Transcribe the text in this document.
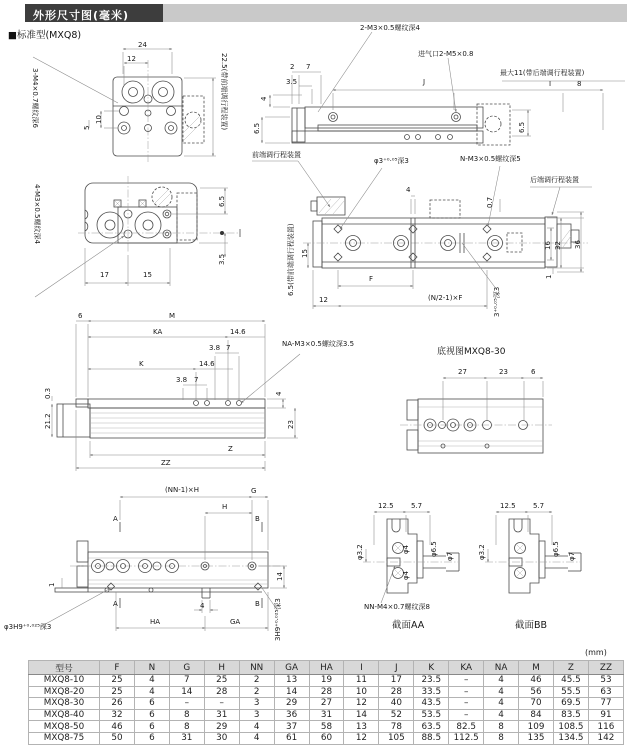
外形尺寸图(毫米)
■标准型(MXQ8)
24
12
3-M4×0.7螺纹深6	10
5	22.5(带前端调行程装置)
2-M3×0.5螺纹深4
进气口2-M5×0.8
2 7
3.5	J	I	8
最大11(带后端调行程装置)
4
6.5	6.5
前端调行程装置
φ3⁺⁰·⁰⁵深3	N-M3×0.5螺纹深5
后端调行程装置
4
0.7
6.5(带前端调行程装置) 15
16 32 36
1
3⁺⁰·⁰⁵深3
F
12	(N/2-1)×F
4-M3×0.5螺纹深4	6.5
3.5
17	15
6	M
KA	14.6
3.8 7
K	14.6
3.8 7
NA-M3×0.5螺纹深3.5
0.3
21.2
4
23
Z
ZZ
底视图MXQ8-30
27	23	6
(NN-1)×H	G
H
A	B
A	B
4
14
1
HA	GA	3H9⁺⁰·⁰²⁵深3
φ3H9⁺⁰·⁰²⁵深3
12.5 5.7
φ3.2	φ4
φ4
φ6.5 φ7
NN-M4×0.7螺纹深8
截面AA
12.5 5.7
φ3.2	φ6.5 φ7
截面BB
(mm)
型号	F	N	G	H	NN	GA	HA	I	J	K	KA	NA	M	Z	ZZ
MXQ8-10	25	4	7	25	2	13	19	11	17	23.5	–	4	46	45.5	53
MXQ8-20	25	4	14	28	2	14	28	10	28	33.5	–	4	56	55.5	63
MXQ8-30	26	6	–	–	3	29	27	12	40	43.5	–	4	70	69.5	77
MXQ8-40	32	6	8	31	3	36	31	14	52	53.5	–	4	84	83.5	91
MXQ8-50	46	6	8	29	4	37	58	13	78	63.5	82.5	8	109	108.5	116
MXQ8-75	50	6	31	30	4	61	60	12	105	88.5	112.5	8	135	134.5	142
